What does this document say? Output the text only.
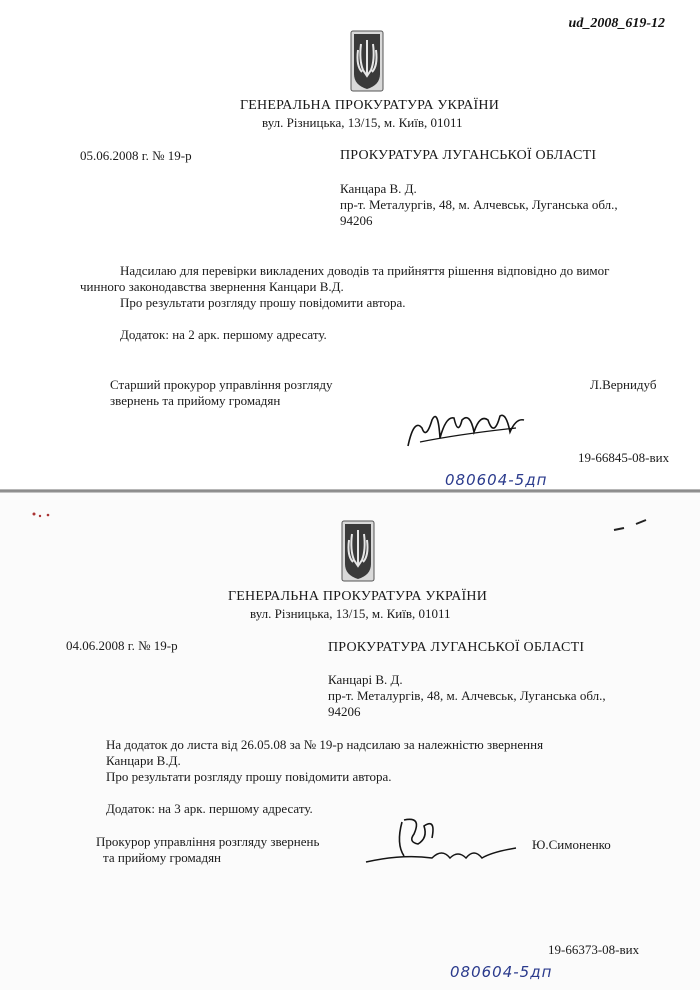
ud_2008_619-12
ГЕНЕРАЛЬНА ПРОКУРАТУРА УКРАЇНИ
вул. Різницька, 13/15, м. Київ, 01011
05.06.2008 г. № 19-р	ПРОКУРАТУРА ЛУГАНСЬКОЇ ОБЛАСТІ
Канцара В. Д.
пр-т. Металургів, 48, м. Алчевськ, Луганська обл.,
94206
Надсилаю для перевірки викладених доводів та прийняття рішення відповідно до вимог
чинного законодавства звернення Канцари В.Д.
Про результати розгляду прошу повідомити автора.
Додаток: на 2 арк. першому адресату.
Старший прокурор управління розгляду
звернень та прийому громадян
Л.Вернидуб
19-66845-08-вих
080604-5дп
ГЕНЕРАЛЬНА ПРОКУРАТУРА УКРАЇНИ
вул. Різницька, 13/15, м. Київ, 01011
04.06.2008 г. № 19-р	ПРОКУРАТУРА ЛУГАНСЬКОЇ ОБЛАСТІ
Канцарі В. Д.
пр-т. Металургів, 48, м. Алчевськ, Луганська обл.,
94206
На додаток до листа від 26.05.08 за № 19-р надсилаю за належністю звернення
Канцари В.Д.
Про результати розгляду прошу повідомити автора.
Додаток: на 3 арк. першому адресату.
Прокурор управління розгляду звернень
та прийому громадян
Ю.Симоненко
19-66373-08-вих
080604-5дп
